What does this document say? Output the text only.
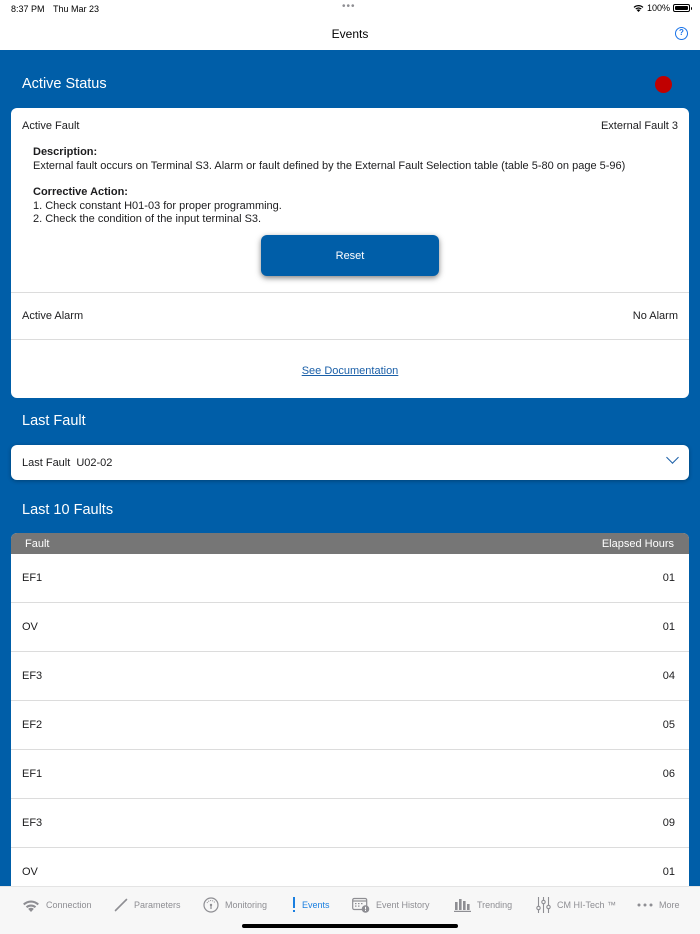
8:37 PM Thu Mar 23	•••	100%
Events	?
Active Status
Active Fault	External Fault 3
Description:
External fault occurs on Terminal S3. Alarm or fault defined by the External Fault Selection table (table 5-80 on page 5-96)
Corrective Action:
1. Check constant H01-03 for proper programming.
2. Check the condition of the input terminal S3.
Reset
Active Alarm	No Alarm
See Documentation
Last Fault
Last Fault U02-02
Last 10 Faults
Fault	Elapsed Hours
EF1	01
OV	01
EF3	04
EF2	05
EF1	06
EF3	09
OV	01
Connection	Parameters	Monitoring	Events	Event History	Trending	CM HI-Tech ™	More
